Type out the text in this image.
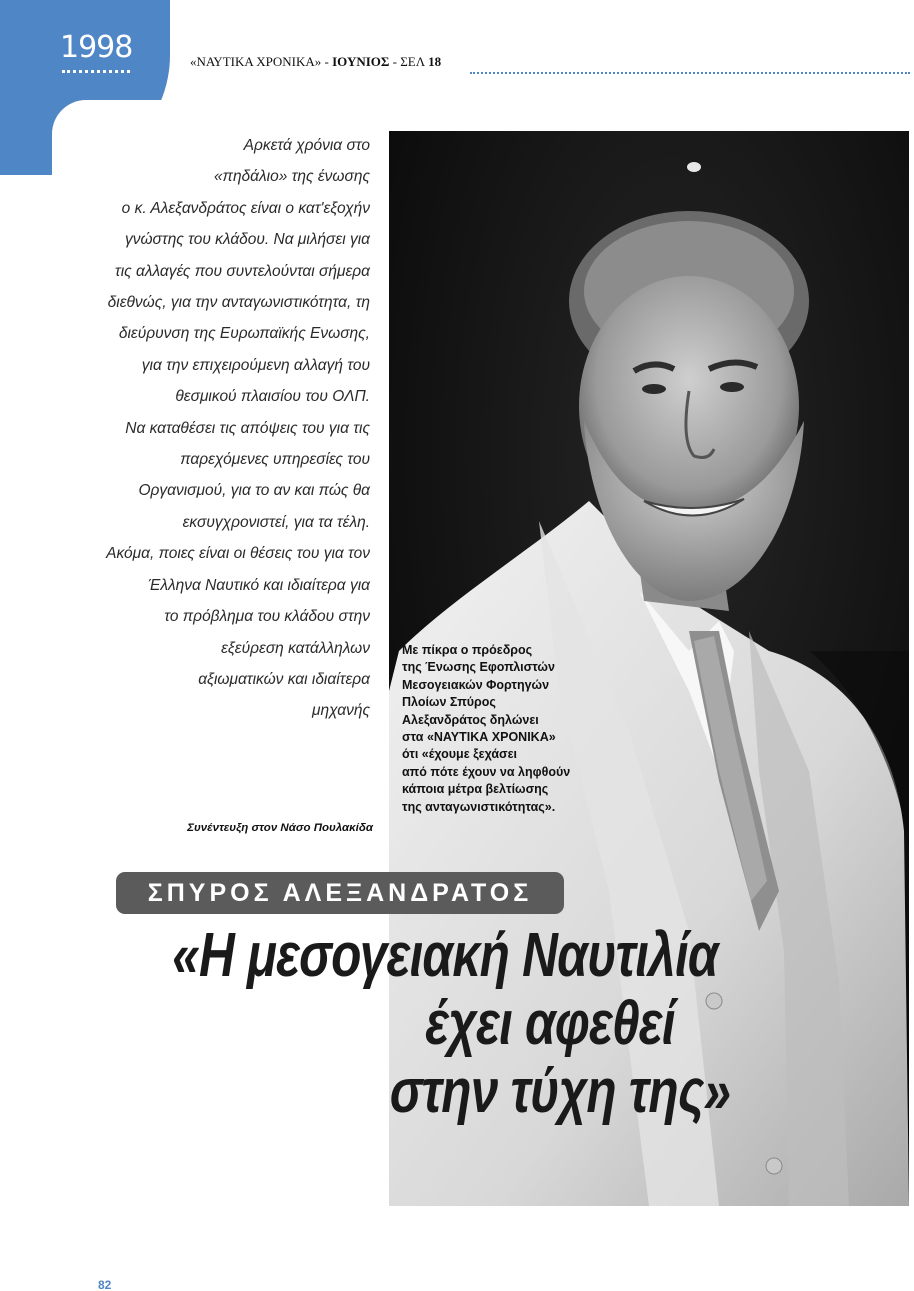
1998	«ΝΑΥΤΙΚΑ ΧΡΟΝΙΚΑ» - ΙΟΥΝΙΟΣ - ΣΕΛ 18
Αρκετά χρόνια στο
«πηδάλιο» της ένωσης
ο κ. Αλεξανδράτος είναι ο κατ'εξοχήν
γνώστης του κλάδου. Να μιλήσει για
τις αλλαγές που συντελούνται σήμερα
διεθνώς, για την ανταγωνιστικότητα, τη
διεύρυνση της Ευρωπαϊκής Ενωσης,
για την επιχειρούμενη αλλαγή του
θεσμικού πλαισίου του ΟΛΠ.
Να καταθέσει τις απόψεις του για τις
παρεχόμενες υπηρεσίες του
Οργανισμού, για το αν και πώς θα
εκσυγχρονιστεί, για τα τέλη.
Ακόμα, ποιες είναι οι θέσεις του για τον
Έλληνα Ναυτικό και ιδιαίτερα για
το πρόβλημα του κλάδου στην
εξεύρεση κατάλληλων
αξιωματικών και ιδιαίτερα
μηχανής
Συνέντευξη στον Νάσο Πουλακίδα
Με πίκρα ο πρόεδρος
της Ένωσης Εφοπλιστών
Μεσογειακών Φορτηγών
Πλοίων Σπύρος
Αλεξανδράτος δηλώνει
στα «ΝΑΥΤΙΚΑ ΧΡΟΝΙΚΑ»
ότι «έχουμε ξεχάσει
από πότε έχουν να ληφθούν
κάποια μέτρα βελτίωσης
της ανταγωνιστικότητας».
ΣΠΥΡΟΣ ΑΛΕΞΑΝΔΡΑΤΟΣ
«Η μεσογειακή Ναυτιλία
έχει αφεθεί
στην τύχη της»
82
